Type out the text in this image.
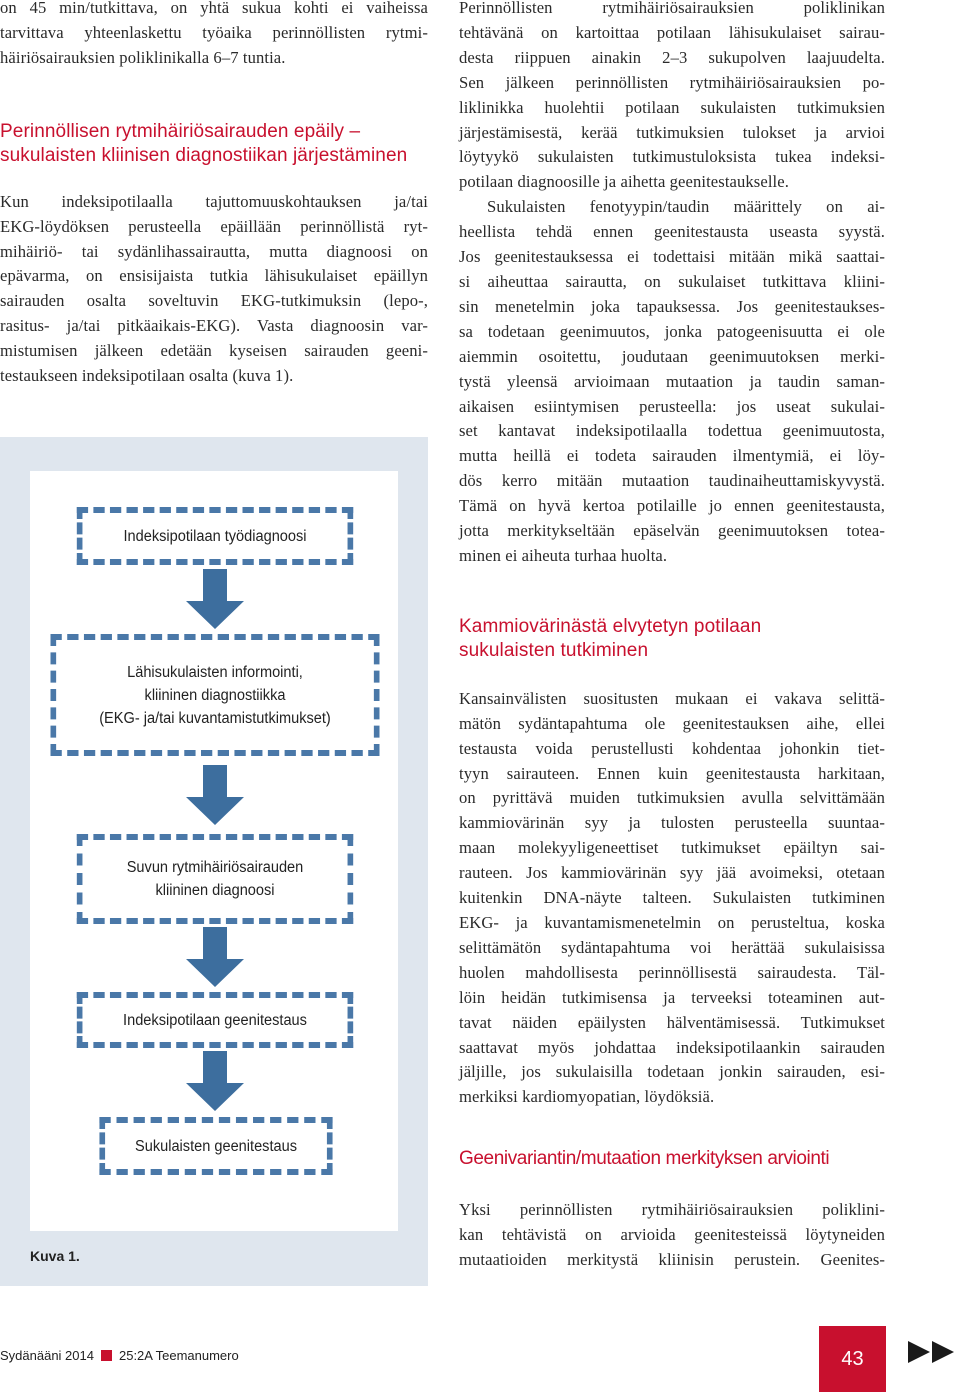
on 45 min/tutkittava, on yhtä sukua kohti ei vaiheissa
tarvittava yhteenlaskettu työaika perinnöllisten rytmi-
häiriösairauksien poliklinikalla 6–7 tuntia.
Perinnöllisen rytmihäiriösairauden epäily –
sukulaisten kliinisen diagnostiikan järjestäminen
Kun indeksipotilaalla tajuttomuuskohtauksen ja/tai
EKG-löydöksen perusteella epäillään perinnöllistä ryt-
mihäiriö- tai sydänlihassairautta, mutta diagnoosi on
epävarma, on ensisijaista tutkia lähisukulaiset epäillyn
sairauden osalta soveltuvin EKG-tutkimuksin (lepo-,
rasitus- ja/tai pitkäaikais-EKG). Vasta diagnoosin var-
mistumisen jälkeen edetään kyseisen sairauden geeni-
testaukseen indeksipotilaan osalta (kuva 1).
Indeksipotilaan työdiagnoosi
Lähisukulaisten informointi,
kliininen diagnostiikka
(EKG- ja/tai kuvantamistutkimukset)
Suvun rytmihäiriösairauden
kliininen diagnoosi
Indeksipotilaan geenitestaus
Sukulaisten geenitestaus
Kuva 1.
Perinnöllisten rytmihäiriösairauksien poliklinikan
tehtävänä on kartoittaa potilaan lähisukulaiset sairau-
desta riippuen ainakin 2–3 sukupolven laajuudelta.
Sen jälkeen perinnöllisten rytmihäiriösairauksien po-
liklinikka huolehtii potilaan sukulaisten tutkimuksien
järjestämisestä, kerää tutkimuksien tulokset ja arvioi
löytyykö sukulaisten tutkimustuloksista tukea indeksi-
potilaan diagnoosille ja aihetta geenitestaukselle.
Sukulaisten fenotyypin/taudin määrittely on ai-
heellista tehdä ennen geenitestausta useasta syystä.
Jos geenitestauksessa ei todettaisi mitään mikä saattai-
si aiheuttaa sairautta, on sukulaiset tutkittava kliini-
sin menetelmin joka tapauksessa. Jos geenitestaukses-
sa todetaan geenimuutos, jonka patogeenisuutta ei ole
aiemmin osoitettu, joudutaan geenimuutoksen merki-
tystä yleensä arvioimaan mutaation ja taudin saman-
aikaisen esiintymisen perusteella: jos useat sukulai-
set kantavat indeksipotilaalla todettua geenimuutosta,
mutta heillä ei todeta sairauden ilmentymiä, ei löy-
dös kerro mitään mutaation taudinaiheuttamiskyvystä.
Tämä on hyvä kertoa potilaille jo ennen geenitestausta,
jotta merkitykseltään epäselvän geenimuutoksen totea-
minen ei aiheuta turhaa huolta.
Kammiovärinästä elvytetyn potilaan
sukulaisten tutkiminen
Kansainvälisten suositusten mukaan ei vakava selittä-
mätön sydäntapahtuma ole geenitestauksen aihe, ellei
testausta voida perustellusti kohdentaa johonkin tiet-
tyyn sairauteen. Ennen kuin geenitestausta harkitaan,
on pyrittävä muiden tutkimuksien avulla selvittämään
kammiovärinän syy ja tulosten perusteella suuntaa-
maan molekyyligeneettiset tutkimukset epäiltyn sai-
rauteen. Jos kammiovärinän syy jää avoimeksi, otetaan
kuitenkin DNA-näyte talteen. Sukulaisten tutkiminen
EKG- ja kuvantamismenetelmin on perusteltua, koska
selittämätön sydäntapahtuma voi herättää sukulaisissa
huolen mahdollisesta perinnöllisestä sairaudesta. Täl-
löin heidän tutkimisensa ja terveeksi toteaminen aut-
tavat näiden epäilysten hälventämisessä. Tutkimukset
saattavat myös johdattaa indeksipotilaankin sairauden
jäljille, jos sukulaisilla todetaan jonkin sairauden, esi-
merkiksi kardiomyopatian, löydöksiä.
Geenivariantin/mutaation merkityksen arviointi
Yksi perinnöllisten rytmihäiriösairauksien poliklini-
kan tehtävistä on arvioida geenitesteissä löytyneiden
mutaatioiden merkitystä kliinisin perustein. Geenites-
Sydänääni 2014 25:2A Teemanumero	43
